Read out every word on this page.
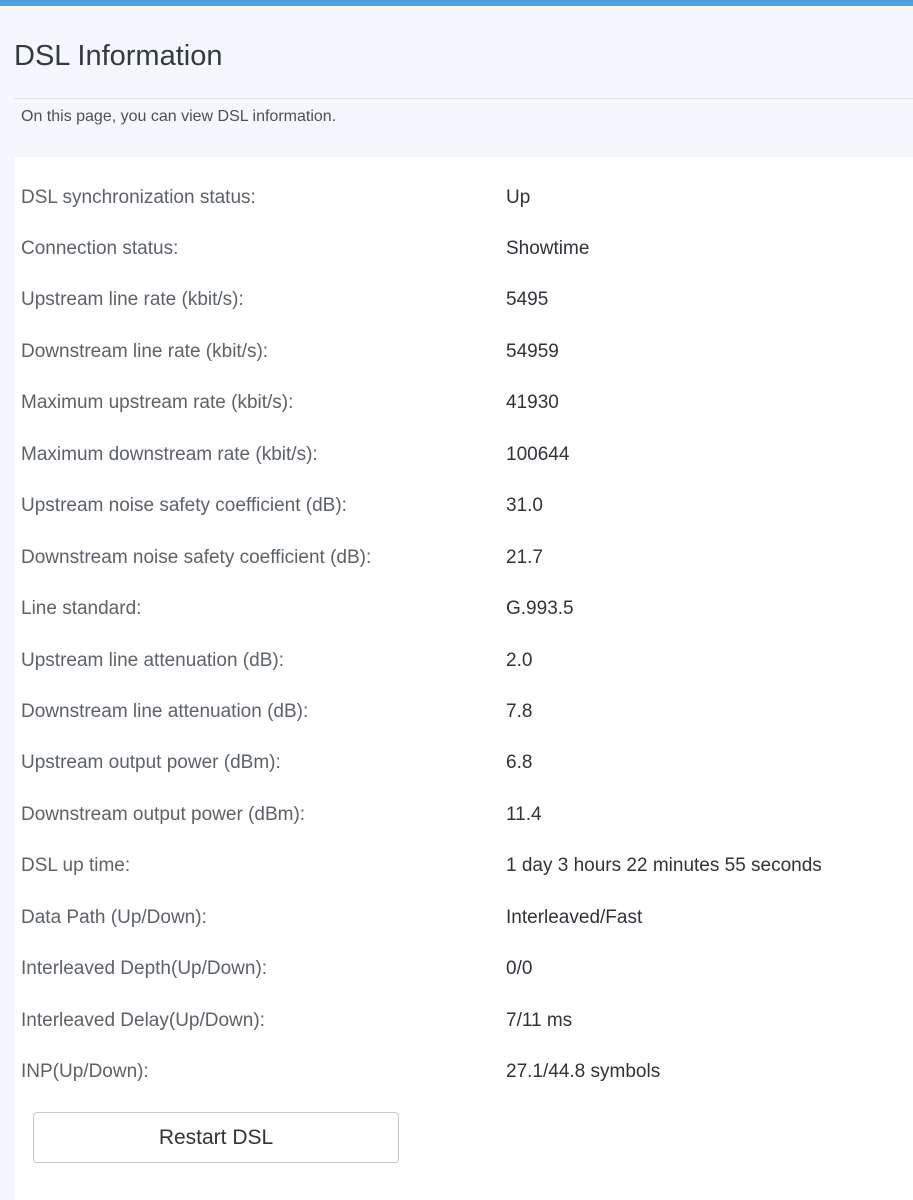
DSL Information
On this page, you can view DSL information.
DSL synchronization status:	Up
Connection status:	Showtime
Upstream line rate (kbit/s):	5495
Downstream line rate (kbit/s):	54959
Maximum upstream rate (kbit/s):	41930
Maximum downstream rate (kbit/s):	100644
Upstream noise safety coefficient (dB):	31.0
Downstream noise safety coefficient (dB):	21.7
Line standard:	G.993.5
Upstream line attenuation (dB):	2.0
Downstream line attenuation (dB):	7.8
Upstream output power (dBm):	6.8
Downstream output power (dBm):	11.4
DSL up time:	1 day 3 hours 22 minutes 55 seconds
Data Path (Up/Down):	Interleaved/Fast
Interleaved Depth(Up/Down):	0/0
Interleaved Delay(Up/Down):	7/11 ms
INP(Up/Down):	27.1/44.8 symbols
Restart DSL
